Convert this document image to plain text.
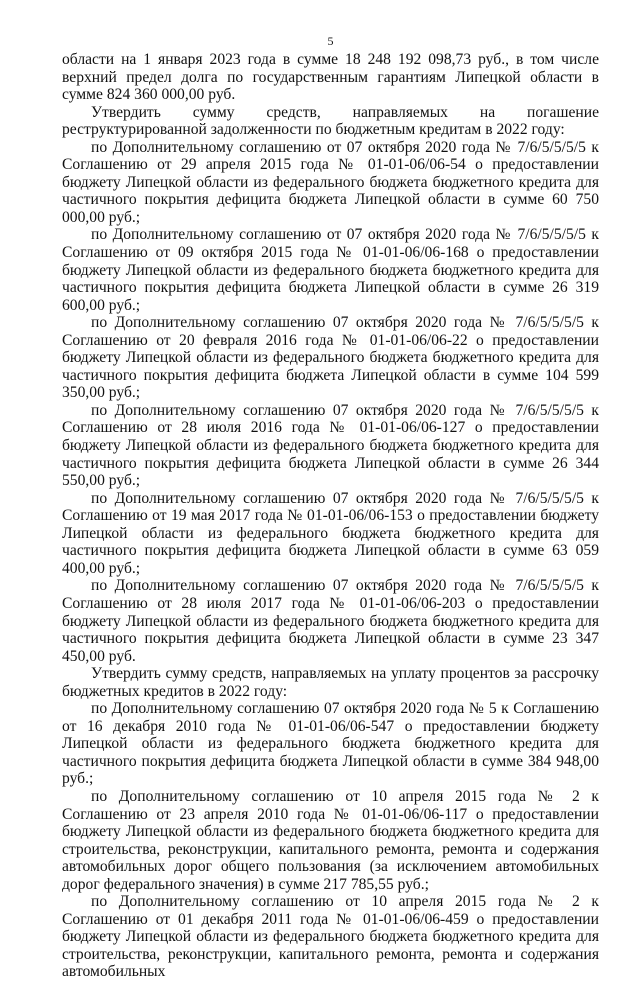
5

области на 1 января 2023 года в сумме 18 248 192 098,73 руб., в том числе верхний предел долга по государственным гарантиям Липецкой области в сумме 824 360 000,00 руб.

Утвердить сумму средств, направляемых на погашение реструктурированной задолженности по бюджетным кредитам в 2022 году:

по Дополнительному соглашению от 07 октября 2020 года № 7/6/5/5/5/5 к Соглашению от 29 апреля 2015 года № 01-01-06/06-54 о предоставлении бюджету Липецкой области из федерального бюджета бюджетного кредита для частичного покрытия дефицита бюджета Липецкой области в сумме 60 750 000,00 руб.;

по Дополнительному соглашению от 07 октября 2020 года № 7/6/5/5/5/5 к Соглашению от 09 октября 2015 года № 01-01-06/06-168 о предоставлении бюджету Липецкой области из федерального бюджета бюджетного кредита для частичного покрытия дефицита бюджета Липецкой области в сумме 26 319 600,00 руб.;

по Дополнительному соглашению 07 октября 2020 года № 7/6/5/5/5/5 к Соглашению от 20 февраля 2016 года № 01-01-06/06-22 о предоставлении бюджету Липецкой области из федерального бюджета бюджетного кредита для частичного покрытия дефицита бюджета Липецкой области в сумме 104 599 350,00 руб.;

по Дополнительному соглашению 07 октября 2020 года № 7/6/5/5/5/5 к Соглашению от 28 июля 2016 года № 01-01-06/06-127 о предоставлении бюджету Липецкой области из федерального бюджета бюджетного кредита для частичного покрытия дефицита бюджета Липецкой области в сумме 26 344 550,00 руб.;

по Дополнительному соглашению 07 октября 2020 года № 7/6/5/5/5/5 к Соглашению от 19 мая 2017 года № 01-01-06/06-153 о предоставлении бюджету Липецкой области из федерального бюджета бюджетного кредита для частичного покрытия дефицита бюджета Липецкой области в сумме 63 059 400,00 руб.;

по Дополнительному соглашению 07 октября 2020 года № 7/6/5/5/5/5 к Соглашению от 28 июля 2017 года № 01-01-06/06-203 о предоставлении бюджету Липецкой области из федерального бюджета бюджетного кредита для частичного покрытия дефицита бюджета Липецкой области в сумме 23 347 450,00 руб.

Утвердить сумму средств, направляемых на уплату процентов за рассрочку бюджетных кредитов в 2022 году:

по Дополнительному соглашению 07 октября 2020 года № 5 к Соглашению от 16 декабря 2010 года № 01-01-06/06-547 о предоставлении бюджету Липецкой области из федерального бюджета бюджетного кредита для частичного покрытия дефицита бюджета Липецкой области в сумме 384 948,00 руб.;

по Дополнительному соглашению от 10 апреля 2015 года № 2 к Соглашению от 23 апреля 2010 года № 01-01-06/06-117 о предоставлении бюджету Липецкой области из федерального бюджета бюджетного кредита для строительства, реконструкции, капитального ремонта, ремонта и содержания автомобильных дорог общего пользования (за исключением автомобильных дорог федерального значения) в сумме 217 785,55 руб.;

по Дополнительному соглашению от 10 апреля 2015 года № 2 к Соглашению от 01 декабря 2011 года № 01-01-06/06-459 о предоставлении бюджету Липецкой области из федерального бюджета бюджетного кредита для строительства, реконструкции, капитального ремонта, ремонта и содержания автомобильных
